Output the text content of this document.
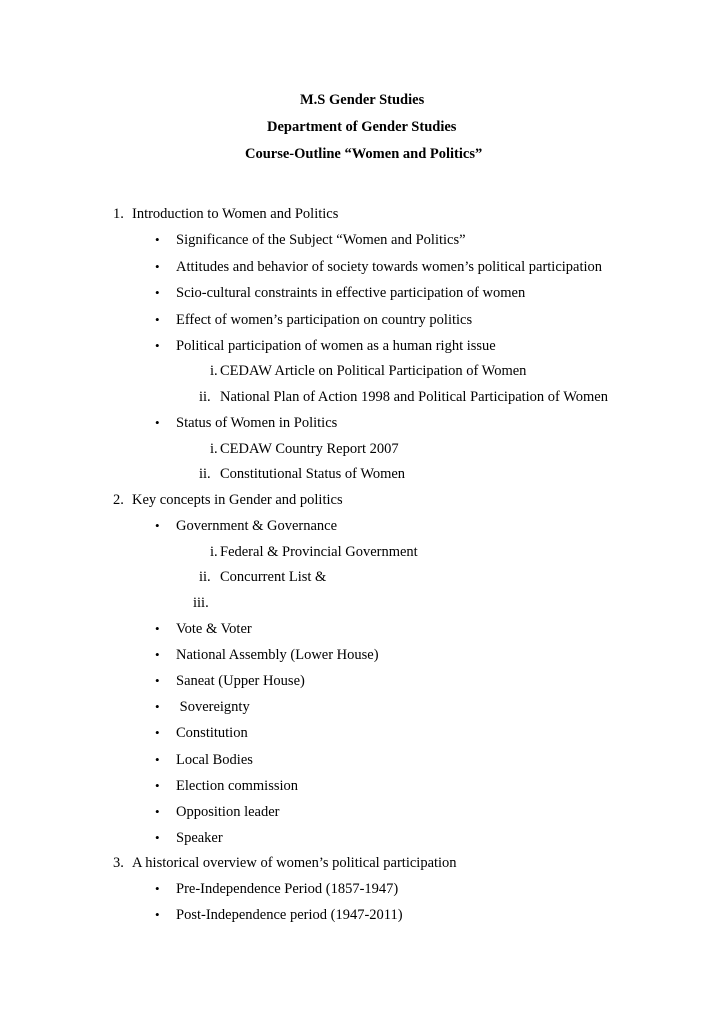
M.S Gender Studies
Department of Gender Studies
Course-Outline “Women and Politics”
1. Introduction to Women and Politics
• Significance of the Subject “Women and Politics”
• Attitudes and behavior of society towards women’s political participation
• Scio-cultural constraints in effective participation of women
• Effect of women’s participation on country politics
• Political participation of women as a human right issue
i. CEDAW Article on Political Participation of Women
ii. National Plan of Action 1998 and Political Participation of Women
• Status of Women in Politics
i. CEDAW Country Report 2007
ii. Constitutional Status of Women
2. Key concepts in Gender and politics
• Government & Governance
i. Federal & Provincial Government
ii. Concurrent List &
iii.
• Vote & Voter
• National Assembly (Lower House)
• Saneat (Upper House)
• Sovereignty
• Constitution
• Local Bodies
• Election commission
• Opposition leader
• Speaker
3. A historical overview of women’s political participation
• Pre-Independence Period (1857-1947)
• Post-Independence period (1947-2011)
